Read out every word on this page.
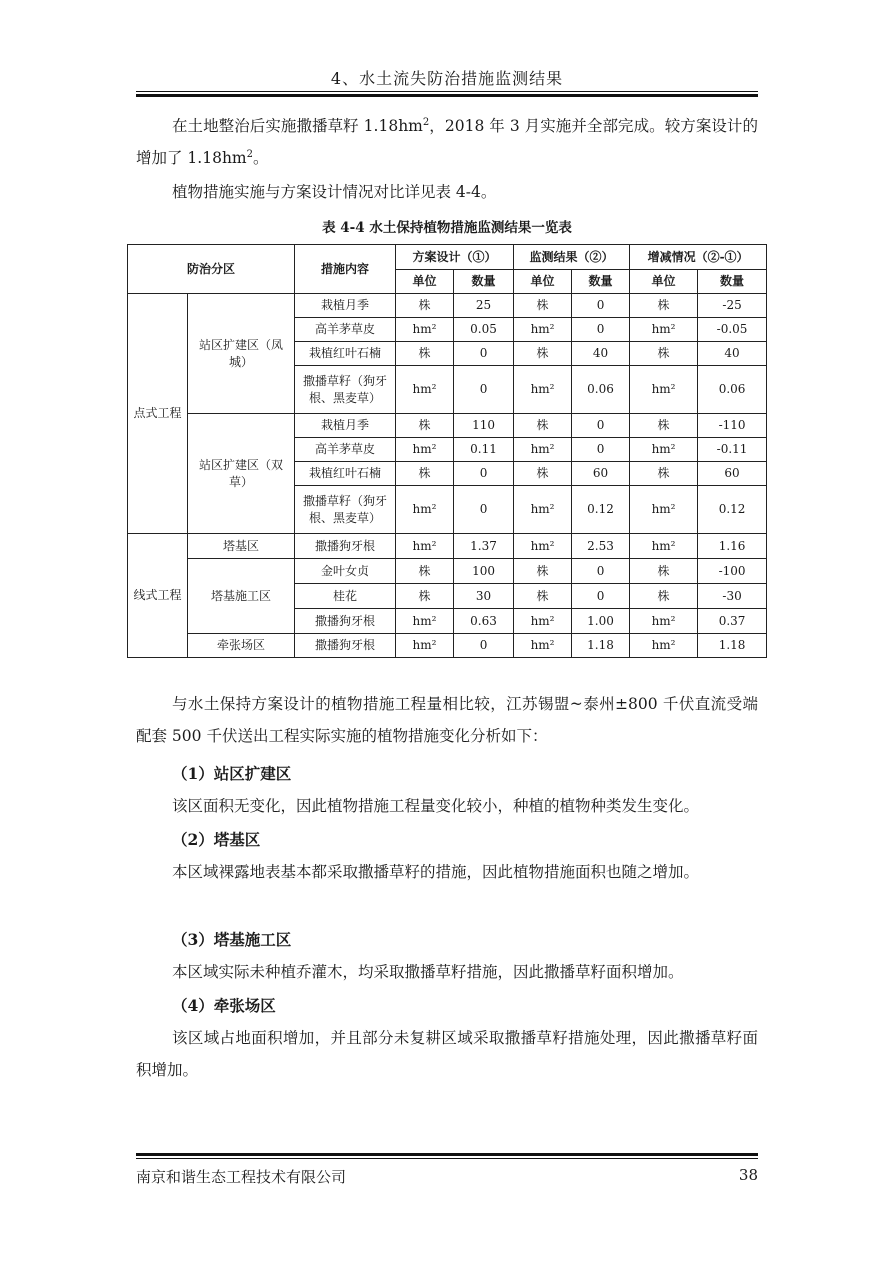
4、水土流失防治措施监测结果
在土地整治后实施撒播草籽 $1.18hm^2$，2018 年 3 月实施并全部完成。较方案设计的增加了 $1.18hm^2$。
植物措施实施与方案设计情况对比详见表 4-4。
表 4-4 水土保持植物措施监测结果一览表
防治分区		措施内容	方案设计（①）		监测结果（②）		增减情况（②-①）	
			单位	数量	单位	数量	单位	数量
点式工程	站区扩建区（凤城）	栽植月季	株	25	株	0	株	-25
		高羊茅草皮	hm²	0.05	hm²	0	hm²	-0.05
		栽植红叶石楠	株	0	株	40	株	40
		撒播草籽（狗牙根、黑麦草）	hm²	0	hm²	0.06	hm²	0.06
	站区扩建区（双草）	栽植月季	株	110	株	0	株	-110
		高羊茅草皮	hm²	0.11	hm²	0	hm²	-0.11
		栽植红叶石楠	株	0	株	60	株	60
		撒播草籽（狗牙根、黑麦草）	hm²	0	hm²	0.12	hm²	0.12
线式工程	塔基区	撒播狗牙根	hm²	1.37	hm²	2.53	hm²	1.16
	塔基施工区	金叶女贞	株	100	株	0	株	-100
		桂花	株	30	株	0	株	-30
		撒播狗牙根	hm²	0.63	hm²	1.00	hm²	0.37
	牵张场区	撒播狗牙根	hm²	0	hm²	1.18	hm²	1.18
与水土保持方案设计的植物措施工程量相比较，江苏锡盟~泰州±800 千伏直流受端配套 500 千伏送出工程实际实施的植物措施变化分析如下：
（1）站区扩建区
该区面积无变化，因此植物措施工程量变化较小，种植的植物种类发生变化。
（2）塔基区
本区域裸露地表基本都采取撒播草籽的措施，因此植物措施面积也随之增加。
（3）塔基施工区
本区域实际未种植乔灌木，均采取撒播草籽措施，因此撒播草籽面积增加。
（4）牵张场区
该区域占地面积增加，并且部分未复耕区域采取撒播草籽措施处理，因此撒播草籽面积增加。
南京和谐生态工程技术有限公司	38
